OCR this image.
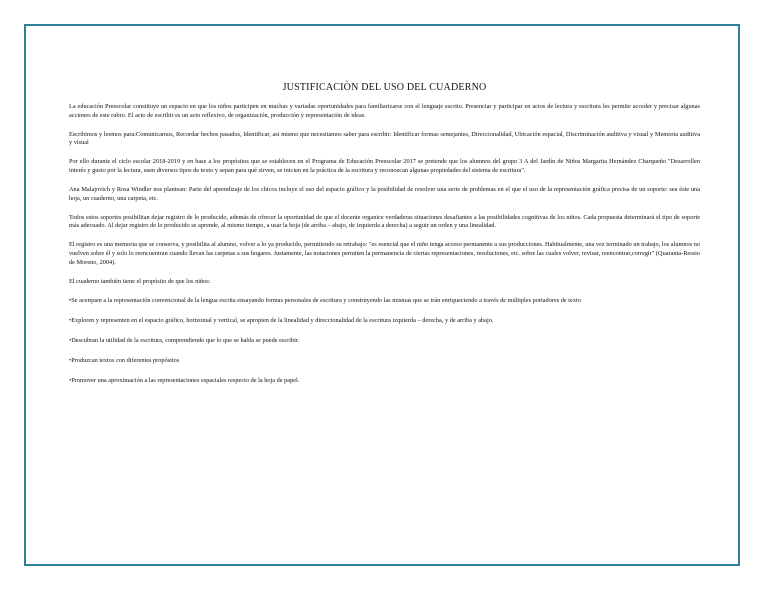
JUSTIFICACIÒN DEL USO DEL CUADERNO

La educación Preescolar constituye un espacio en que los niños participen en muchas y variadas oportunidades para familiarizarse con el lenguaje escrito. Presenciar y participar en actos de lectura y escritura les permite acceder y precisar algunas acciones de este rubro. El acto de escribir es un acto reflexivo, de organización, producción y representación de ideas.

Escribimos y leemos para:Comunicarnos, Recordar hechos pasados, Identificar, asi mismo que necesitamos saber para escribir: Identificar formas semejantes, Direccionalidad, Ubicación espacial, Discriminación auditiva y visual y Memoria auditiva y visual

Por ello durante el ciclo escolar 2018-2019 y en base a los propósitos que se establecen en el Programa de Educación Preescolar 2017 se pretende que los alumnos del grupo 3 A del Jardín de Niños Margarita Hernández Charqueño "Desarrollen interés y gusto por la lectura, usen diversos tipos de texto y sepan para qué sirven, se inicien en la práctica de la escritura y reconozcan algunas propiedades del sistema de escritura".

Ana Malajovich y Rosa Windler nos plantean: Parte del aprendizaje de los chicos incluye el uso del espacio gráfico y la posibilidad de resolver una serie de problemas en el que el uso de la representación gráfica precisa de un soporte: sea éste una hoja, un cuaderno, una carpeta, etc.

Todos estos soportes posibilitan dejar registro de lo producido, además de ofrecer la oportunidad de que el docente organice verdaderas situaciones desafiantes a las posibilidades cognitivas de los niños. Cada propuesta determinará el tipo de soporte más adecuado. Al dejar registro de lo producido se aprende, al mismo tiempo, a usar la hoja (de arriba – abajo, de izquierda a derecha) a seguir un orden y una linealidad.

El registro es una memoria que se conserva, y posibilita al alumno, volver a lo ya producido, permitiendo su retrabajo: "es esencial que el niño tenga acceso permanente a sus producciones. Habitualmente, una vez terminado un trabajo, los alumnos no vuelven sobre él y solo lo reencuentran cuando llevan las carpetas a sus hogares. Justamente, las notaciones permiten la permanencia de ciertas representaciones, resoluciones, etc. sobre las cuales volver, revisar, reencontrar,corregir" (Quaranta-Ressio de Moreno, 2004).

El cuaderno también tiene el propósito de que los niños:

•Se acerquen a la representación convencional de la lengua escrita ensayando formas personales de escritura y construyendo las mismas que se irán enriqueciendo a través de múltiples portadores de texto

•Exploren y representen en el espacio gráfico, horizontal y vertical, se apropien de la linealidad y direccionalidad de la escritura izquierda – derecha, y de arriba y abajo.

•Descubran la utilidad de la escritura, comprendiendo que lo que se habla se puede escribir.

•Produzcan textos con diferentes propósitos

•Promover una aproximación a las representaciones espaciales respecto de la hoja de papel.
